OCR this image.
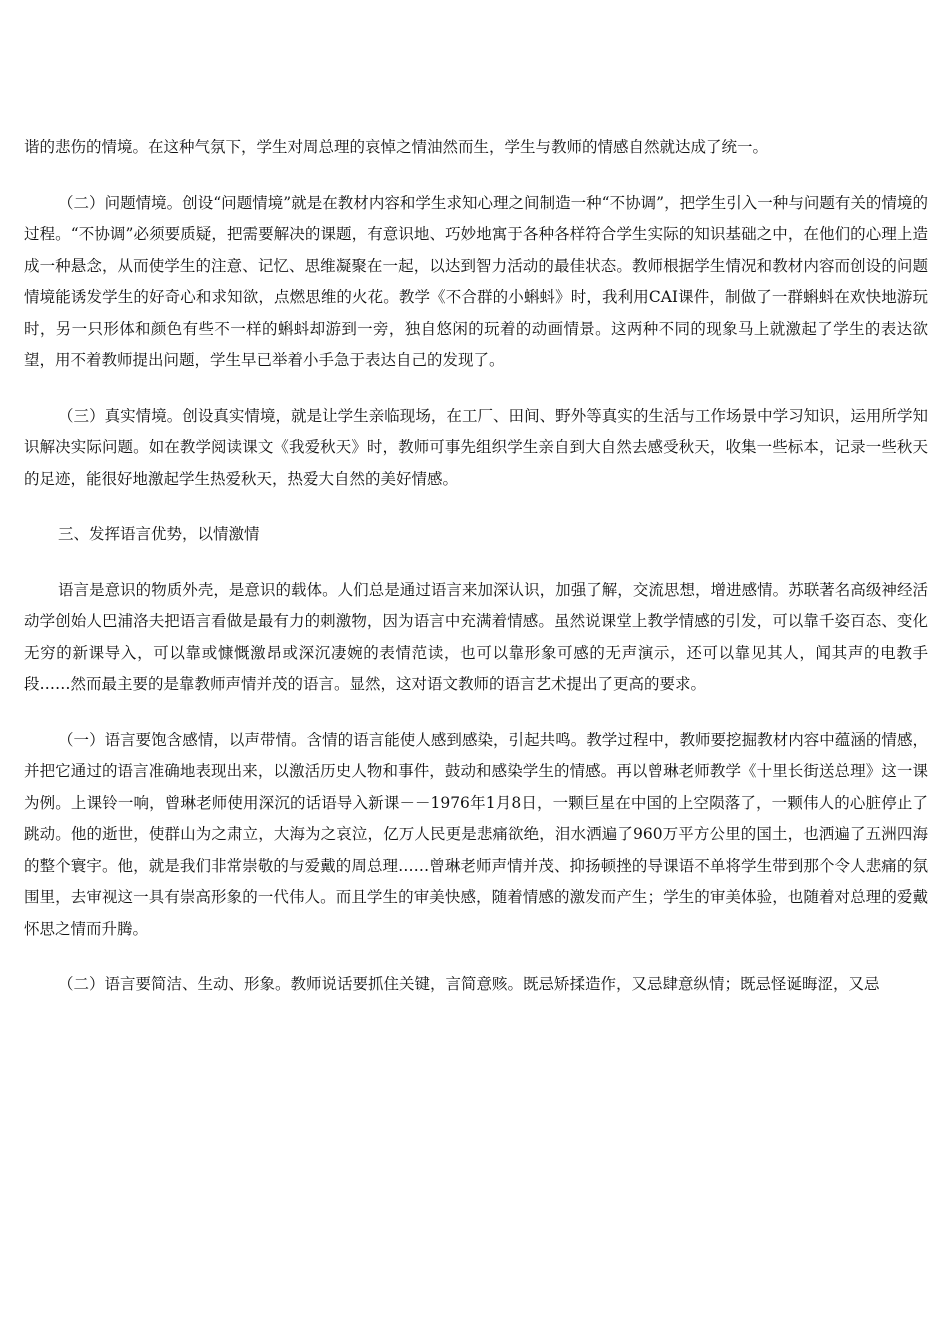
谐的悲伤的情境。在这种气氛下，学生对周总理的哀悼之情油然而生，学生与教师的情感自然就达成了统一。

（二）问题情境。创设“问题情境”就是在教材内容和学生求知心理之间制造一种“不协调”，把学生引入一种与问题有关的情境的过程。“不协调”必须要质疑，把需要解决的课题，有意识地、巧妙地寓于各种各样符合学生实际的知识基础之中，在他们的心理上造成一种悬念，从而使学生的注意、记忆、思维凝聚在一起，以达到智力活动的最佳状态。教师根据学生情况和教材内容而创设的问题情境能诱发学生的好奇心和求知欲，点燃思维的火花。教学《不合群的小蝌蚪》时，我利用CAI课件，制做了一群蝌蚪在欢快地游玩时，另一只形体和颜色有些不一样的蝌蚪却游到一旁，独自悠闲的玩着的动画情景。这两种不同的现象马上就激起了学生的表达欲望，用不着教师提出问题，学生早已举着小手急于表达自己的发现了。

（三）真实情境。创设真实情境，就是让学生亲临现场，在工厂、田间、野外等真实的生活与工作场景中学习知识，运用所学知识解决实际问题。如在教学阅读课文《我爱秋天》时，教师可事先组织学生亲自到大自然去感受秋天，收集一些标本，记录一些秋天的足迹，能很好地激起学生热爱秋天，热爱大自然的美好情感。

三、发挥语言优势，以情激情

语言是意识的物质外壳，是意识的载体。人们总是通过语言来加深认识，加强了解，交流思想，增进感情。苏联著名高级神经活动学创始人巴浦洛夫把语言看做是最有力的刺激物，因为语言中充满着情感。虽然说课堂上教学情感的引发，可以靠千姿百态、变化无穷的新课导入，可以靠或慷慨激昂或深沉凄婉的表情范读，也可以靠形象可感的无声演示，还可以靠见其人，闻其声的电教手段……然而最主要的是靠教师声情并茂的语言。显然，这对语文教师的语言艺术提出了更高的要求。

（一）语言要饱含感情，以声带情。含情的语言能使人感到感染，引起共鸣。教学过程中，教师要挖掘教材内容中蕴涵的情感，并把它通过的语言准确地表现出来，以激活历史人物和事件，鼓动和感染学生的情感。再以曾琳老师教学《十里长街送总理》这一课为例。上课铃一响，曾琳老师使用深沉的话语导入新课－－1976年1月8日，一颗巨星在中国的上空陨落了，一颗伟人的心脏停止了跳动。他的逝世，使群山为之肃立，大海为之哀泣，亿万人民更是悲痛欲绝，泪水洒遍了960万平方公里的国土，也洒遍了五洲四海的整个寰宇。他，就是我们非常崇敬的与爱戴的周总理……曾琳老师声情并茂、抑扬顿挫的导课语不单将学生带到那个令人悲痛的氛围里，去审视这一具有崇高形象的一代伟人。而且学生的审美快感，随着情感的激发而产生；学生的审美体验，也随着对总理的爱戴怀思之情而升腾。

（二）语言要简洁、生动、形象。教师说话要抓住关键，言简意赅。既忌矫揉造作，又忌肆意纵情；既忌怪诞晦涩，又忌
